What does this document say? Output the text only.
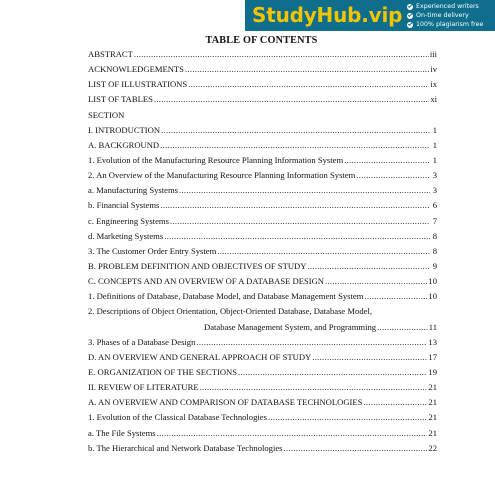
StudyHub.vip Experienced writers
On-time delivery
100% plagiarism free
TABLE OF CONTENTS
ABSTRACT .....	iii
ACKNOWLEDGEMENTS .....	iv
LIST OF ILLUSTRATIONS .....	ix
LIST OF TABLES .....	xi
SECTION
I. INTRODUCTION .....	1
A. BACKGROUND .....	1
1. Evolution of the Manufacturing Resource Planning Information System .....	1
2. An Overview of the Manufacturing Resource Planning Information System .....	3
a. Manufacturing Systems .....	3
b. Financial Systems .....	6
c. Engineering Systems .....	7
d. Marketing Systems .....	8
3. The Customer Order Entry System .....	8
B. PROBLEM DEFINITION AND OBJECTIVES OF STUDY .....	9
C. CONCEPTS AND AN OVERVIEW OF A DATABASE DESIGN .....	10
1. Definitions of Database, Database Model, and Database Management System .....	10
2. Descriptions of Object Orientation, Object-Oriented Database, Database Model,
Database Management System, and Programming .....	11
3. Phases of a Database Design .....	13
D. AN OVERVIEW AND GENERAL APPROACH OF STUDY .....	17
E. ORGANIZATION OF THE SECTIONS .....	19
II. REVIEW OF LITERATURE .....	21
A. AN OVERVIEW AND COMPARISON OF DATABASE TECHNOLOGIES .....	21
1. Evolution of the Classical Database Technologies .....	21
a. The File Systems .....	21
b. The Hierarchical and Network Database Technologies .....	22
